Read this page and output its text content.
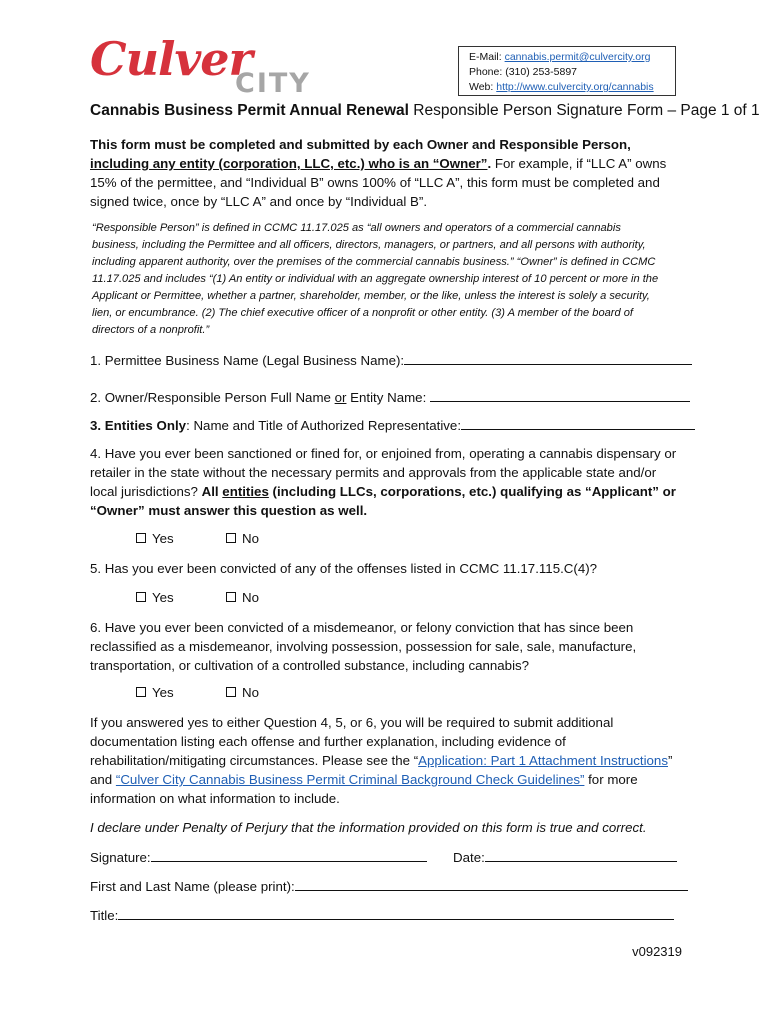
Culver
CITY
E-Mail: cannabis.permit@culvercity.org
Phone: (310) 253-5897
Web: http://www.culvercity.org/cannabis
Cannabis Business Permit Annual Renewal Responsible Person Signature Form – Page 1 of 1
This form must be completed and submitted by each Owner and Responsible Person, including any entity (corporation, LLC, etc.) who is an “Owner”. For example, if “LLC A” owns 15% of the permittee, and “Individual B” owns 100% of “LLC A”, this form must be completed and signed twice, once by “LLC A” and once by “Individual B”.
“Responsible Person” is defined in CCMC 11.17.025 as “all owners and operators of a commercial cannabis business, including the Permittee and all officers, directors, managers, or partners, and all persons with authority, including apparent authority, over the premises of the commercial cannabis business.” “Owner” is defined in CCMC 11.17.025 and includes “(1) An entity or individual with an aggregate ownership interest of 10 percent or more in the Applicant or Permittee, whether a partner, shareholder, member, or the like, unless the interest is solely a security, lien, or encumbrance. (2) The chief executive officer of a nonprofit or other entity. (3) A member of the board of directors of a nonprofit.”
1. Permittee Business Name (Legal Business Name):
2. Owner/Responsible Person Full Name or Entity Name:
3. Entities Only: Name and Title of Authorized Representative:
4. Have you ever been sanctioned or fined for, or enjoined from, operating a cannabis dispensary or retailer in the state without the necessary permits and approvals from the applicable state and/or local jurisdictions? All entities (including LLCs, corporations, etc.) qualifying as “Applicant” or “Owner” must answer this question as well.
Yes	No
5. Has you ever been convicted of any of the offenses listed in CCMC 11.17.115.C(4)?
Yes	No
6. Have you ever been convicted of a misdemeanor, or felony conviction that has since been reclassified as a misdemeanor, involving possession, possession for sale, sale, manufacture, transportation, or cultivation of a controlled substance, including cannabis?
Yes	No
If you answered yes to either Question 4, 5, or 6, you will be required to submit additional documentation listing each offense and further explanation, including evidence of rehabilitation/mitigating circumstances. Please see the “Application: Part 1 Attachment Instructions” and “Culver City Cannabis Business Permit Criminal Background Check Guidelines” for more information on what information to include.
I declare under Penalty of Perjury that the information provided on this form is true and correct.
Signature:	Date:
First and Last Name (please print):
Title:
v092319
